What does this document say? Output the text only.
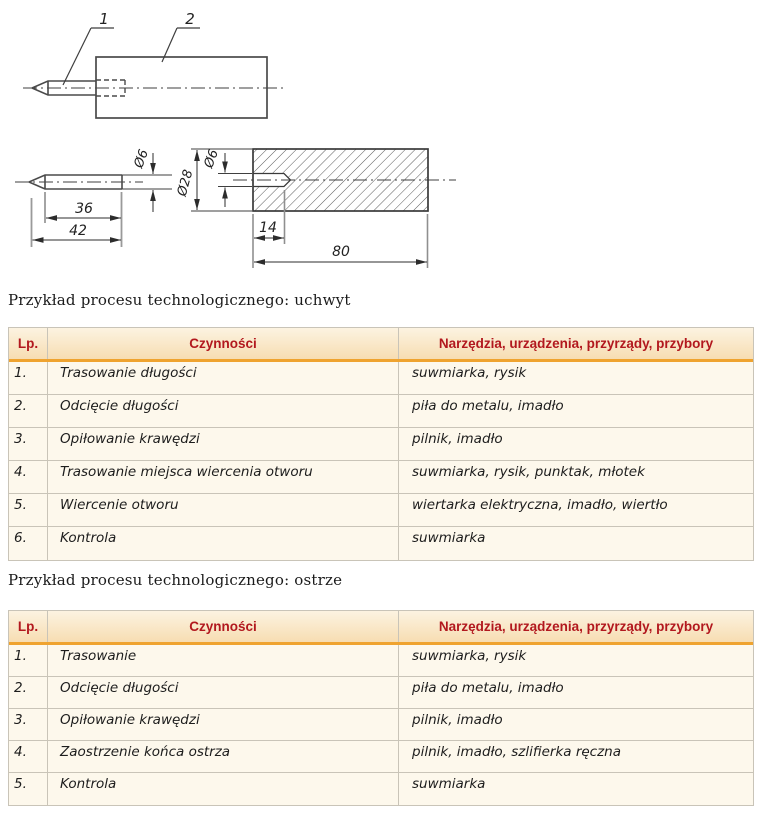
1	2
Ø6
36
42
Ø28
Ø6
14
80
Przykład procesu technologicznego: uchwyt
Przykład procesu technologicznego: ostrze
Lp.	Czynności	Narzędzia, urządzenia, przyrządy, przybory
1.	Trasowanie długości	suwmiarka, rysik
2.	Odcięcie długości	piła do metalu, imadło
3.	Opiłowanie krawędzi	pilnik, imadło
4.	Trasowanie miejsca wiercenia otworu	suwmiarka, rysik, punktak, młotek
5.	Wiercenie otworu	wiertarka elektryczna, imadło, wiertło
6.	Kontrola	suwmiarka
Lp.	Czynności	Narzędzia, urządzenia, przyrządy, przybory
1.	Trasowanie	suwmiarka, rysik
2.	Odcięcie długości	piła do metalu, imadło
3.	Opiłowanie krawędzi	pilnik, imadło
4.	Zaostrzenie końca ostrza	pilnik, imadło, szlifierka ręczna
5.	Kontrola	suwmiarka
